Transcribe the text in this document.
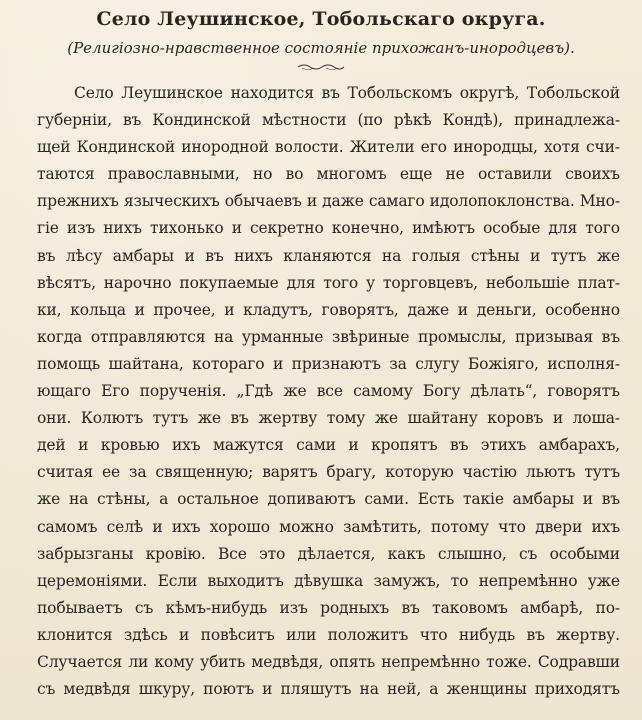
Село Леушинское, Тобольскаго округа.

(Религіозно-нравственное состояніе прихожанъ-инородцевъ).

Село Леушинское находится въ Тобольскомъ округѣ, Тобольской
губерніи, въ Кондинской мѣстности (по рѣкѣ Кондѣ), принадлежа-
щей Кондинской инородной волости. Жители его инородцы, хотя счи-
таются православными, но во многомъ еще не оставили своихъ
прежнихъ языческихъ обычаевъ и даже самаго идолопоклонства. Мно-
гіе изъ нихъ тихонько и секретно конечно, имѣютъ особые для того
въ лѣсу амбары и въ нихъ кланяются на голыя стѣны и тутъ же
вѣсятъ, нарочно покупаемые для того у торговцевъ, небольшіе плат-
ки, кольца и прочее, и кладутъ, говорятъ, даже и деньги, особенно
когда отправляются на урманные звѣриные промыслы, призывая въ
помощь шайтана, котораго и признаютъ за слугу Божіяго, исполня-
ющаго Его порученія. „Гдѣ же все самому Богу дѣлать“, говорятъ
они. Колютъ тутъ же въ жертву тому же шайтану коровъ и лоша-
дей и кровью ихъ мажутся сами и кропятъ въ этихъ амбарахъ,
считая ее за священную; варятъ брагу, которую частію льютъ тутъ
же на стѣны, а остальное допиваютъ сами. Есть такіе амбары и въ
самомъ селѣ и ихъ хорошо можно замѣтить, потому что двери ихъ
забрызганы кровію. Все это дѣлается, какъ слышно, съ особыми
церемоніями. Если выходитъ дѣвушка замужъ, то непремѣнно уже
побываетъ съ кѣмъ-нибудь изъ родныхъ въ таковомъ амбарѣ, по-
клонится здѣсь и повѣситъ или положитъ что нибудь въ жертву.
Случается ли кому убить медвѣдя, опять непремѣнно тоже. Содравши
съ медвѣдя шкуру, поютъ и пляшутъ на ней, а женщины приходятъ
